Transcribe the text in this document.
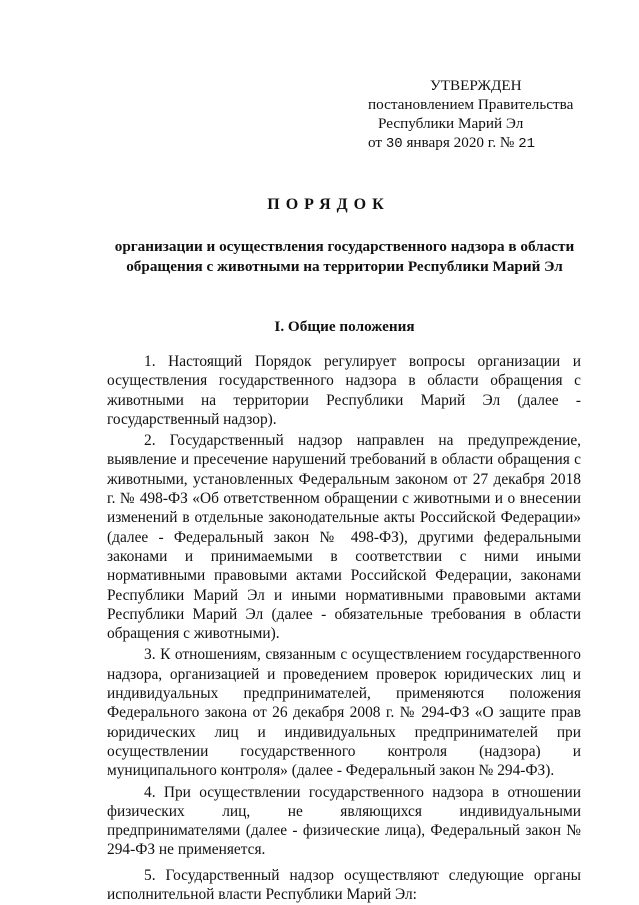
УТВЕРЖДЕН
постановлением Правительства
Республики Марий Эл
от 30 января 2020 г. № 21
ПОРЯДОК
организации и осуществления государственного надзора в области обращения с животными на территории Республики Марий Эл
I. Общие положения

1. Настоящий Порядок регулирует вопросы организации и осуществления государственного надзора в области обращения с животными на территории Республики Марий Эл (далее - государственный надзор).

2. Государственный надзор направлен на предупреждение, выявление и пресечение нарушений требований в области обращения с животными, установленных Федеральным законом от 27 декабря 2018 г. № 498-ФЗ «Об ответственном обращении с животными и о внесении изменений в отдельные законодательные акты Российской Федерации» (далее - Федеральный закон № 498-ФЗ), другими федеральными законами и принимаемыми в соответствии с ними иными нормативными правовыми актами Российской Федерации, законами Республики Марий Эл и иными нормативными правовыми актами Республики Марий Эл (далее - обязательные требования в области обращения с животными).

3. К отношениям, связанным с осуществлением государственного надзора, организацией и проведением проверок юридических лиц и индивидуальных предпринимателей, применяются положения Федерального закона от 26 декабря 2008 г. № 294-ФЗ «О защите прав юридических лиц и индивидуальных предпринимателей при осуществлении государственного контроля (надзора) и муниципального контроля» (далее - Федеральный закон № 294-ФЗ).

4. При осуществлении государственного надзора в отношении физических лиц, не являющихся индивидуальными предпринимателями (далее - физические лица), Федеральный закон № 294-ФЗ не применяется.

5. Государственный надзор осуществляют следующие органы исполнительной власти Республики Марий Эл:
